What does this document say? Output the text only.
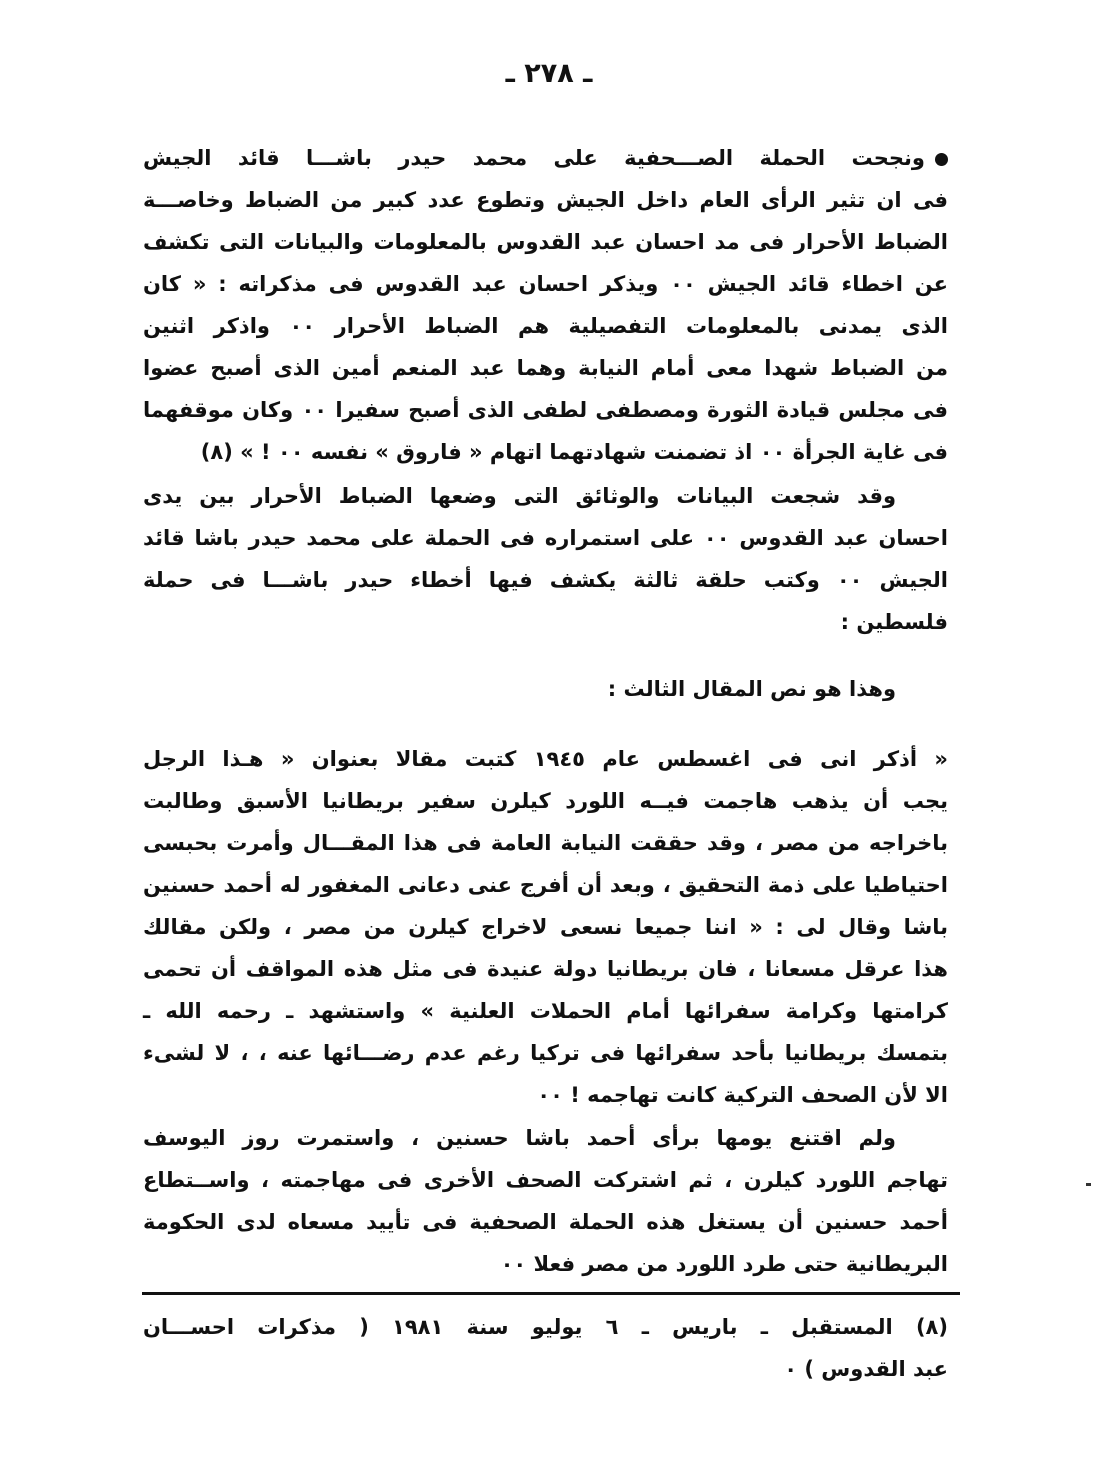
ـ ٢٧٨ ـ
ونجحت الحملة الصـــحفية على محمد حيدر باشـــا قائد الجيش
فى ان تثير الرأى العام داخل الجيش وتطوع عدد كبير من الضباط وخاصـــة
الضباط الأحرار فى مد احسان عبد القدوس بالمعلومات والبيانات التى تكشف
عن اخطاء قائد الجيش ٠٠ ويذكر احسان عبد القدوس فى مذكراته : « كان
الذى يمدنى بالمعلومات التفصيلية هم الضباط الأحرار ٠٠ واذكر اثنين
من الضباط شهدا معى أمام النيابة وهما عبد المنعم أمين الذى أصبح عضوا
فى مجلس قيادة الثورة ومصطفى لطفى الذى أصبح سفيرا ٠٠ وكان موقفهما
فى غاية الجرأة ٠٠ اذ تضمنت شهادتهما اتهام « فاروق » نفسه ٠٠ ! » (٨)
وقد شجعت البيانات والوثائق التى وضعها الضباط الأحرار بين يدى
احسان عبد القدوس ٠٠ على استمراره فى الحملة على محمد حيدر باشا قائد
الجيش ٠٠ وكتب حلقة ثالثة يكشف فيها أخطاء حيدر باشـــا فى حملة
فلسطين :
وهذا هو نص المقال الثالث :
« أذكر انى فى اغسطس عام ١٩٤٥ كتبت مقالا بعنوان « هـذا الرجل
يجب أن يذهب هاجمت فيــه اللورد كيلرن سفير بريطانيا الأسبق وطالبت
باخراجه من مصر ، وقد حققت النيابة العامة فى هذا المقـــال وأمرت بحبسى
احتياطيا على ذمة التحقيق ، وبعد أن أفرج عنى دعانى المغفور له أحمد حسنين
باشا وقال لى : « اننا جميعا نسعى لاخراج كيلرن من مصر ، ولكن مقالك
هذا عرقل مسعانا ، فان بريطانيا دولة عنيدة فى مثل هذه المواقف أن تحمى
كرامتها وكرامة سفرائها أمام الحملات العلنية » واستشهد ـ رحمه الله ـ
بتمسك بريطانيا بأحد سفرائها فى تركيا رغم عدم رضـــائها عنه ، ، لا لشىء
الا لأن الصحف التركية كانت تهاجمه ! ٠٠
ولم اقتنع يومها برأى أحمد باشا حسنين ، واستمرت روز اليوسف
تهاجم اللورد كيلرن ، ثم اشتركت الصحف الأخرى فى مهاجمته ، واســتطاع
أحمد حسنين أن يستغل هذه الحملة الصحفية فى تأييد مسعاه لدى الحكومة
البريطانية حتى طرد اللورد من مصر فعلا ٠٠
(٨) المستقبل ـ باريس ـ ٦ يوليو سنة ١٩٨١ ( مذكرات احســـان
عبد القدوس ) ٠
